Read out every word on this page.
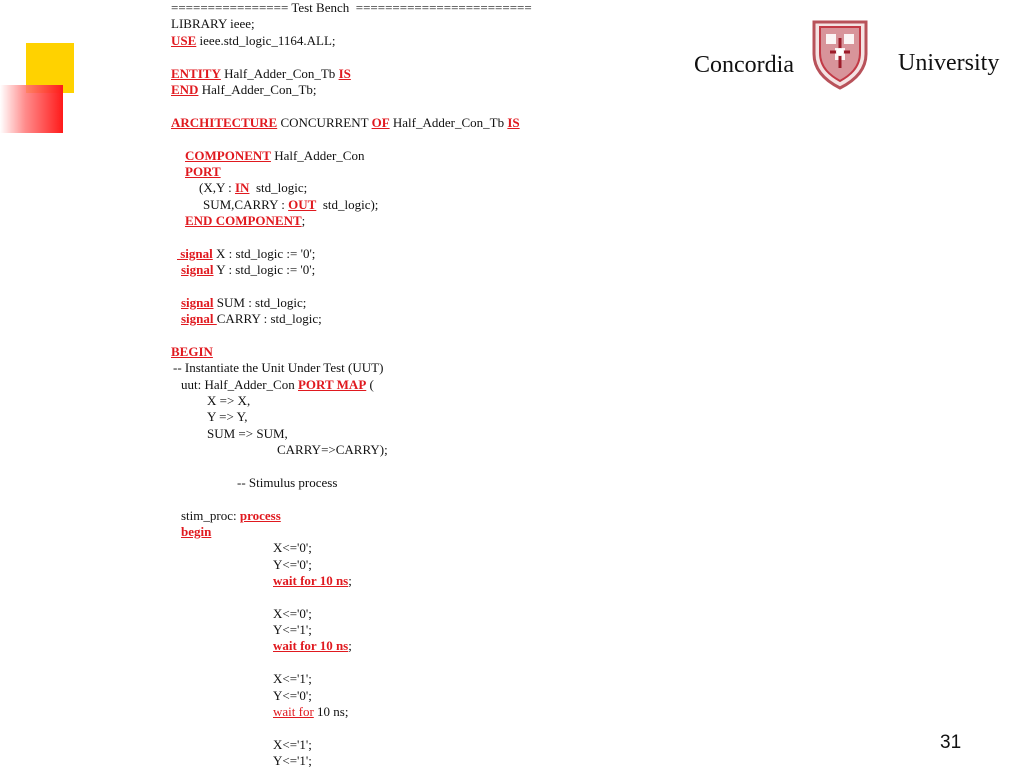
Concordia	University
================ Test Bench  ========================
LIBRARY ieee;
USE ieee.std_logic_1164.ALL;
ENTITY Half_Adder_Con_Tb IS
END Half_Adder_Con_Tb;
ARCHITECTURE CONCURRENT OF Half_Adder_Con_Tb IS
COMPONENT Half_Adder_Con
PORT
(X,Y : IN  std_logic;
SUM,CARRY : OUT  std_logic);
END COMPONENT;
signal X : std_logic := '0';
signal Y : std_logic := '0';
signal SUM : std_logic;
signal CARRY : std_logic;
BEGIN
-- Instantiate the Unit Under Test (UUT)
uut: Half_Adder_Con PORT MAP (
X => X,
Y => Y,
SUM => SUM,
CARRY=>CARRY);
-- Stimulus process
stim_proc: process
begin
X<='0';
Y<='0';
wait for 10 ns;
X<='0';
Y<='1';
wait for 10 ns;
X<='1';
Y<='0';
wait for 10 ns;
X<='1';
Y<='1';
31
